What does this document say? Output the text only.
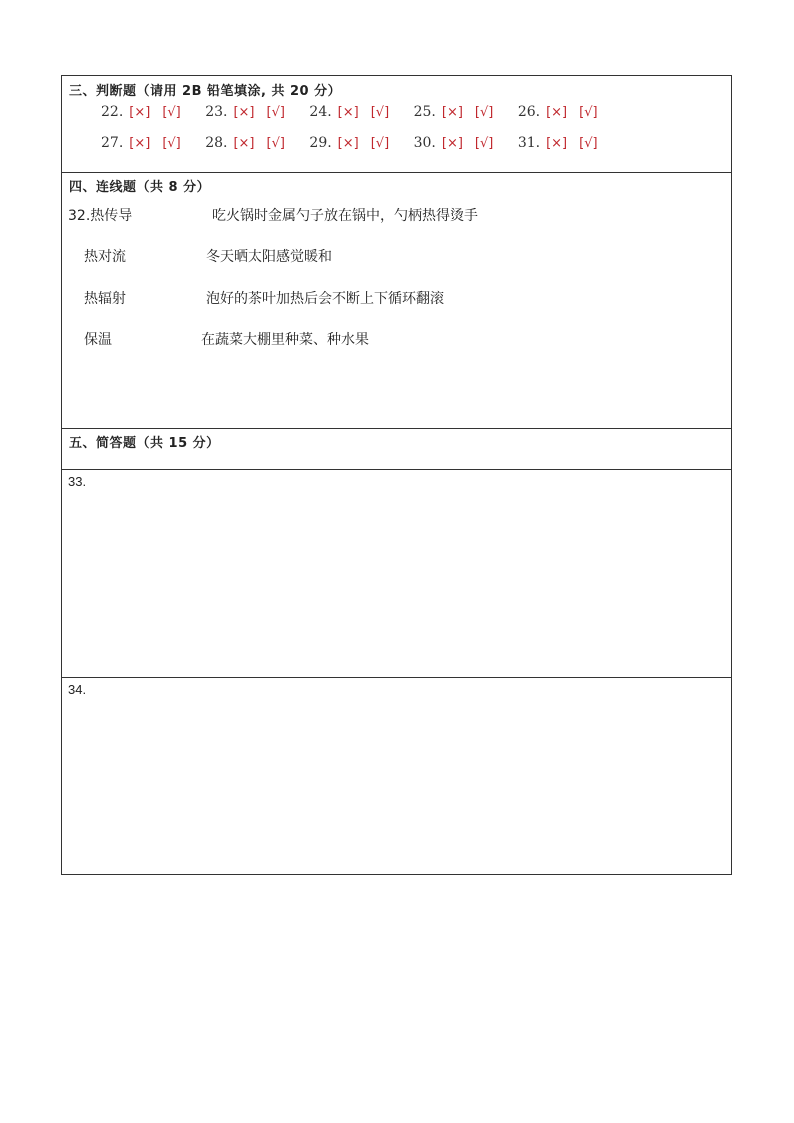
三、判断题（请用 2B 铅笔填涂, 共 20 分）
22. [×] [√] 23. [×] [√] 24. [×] [√] 25. [×] [√] 26. [×] [√]
27. [×] [√] 28. [×] [√] 29. [×] [√] 30. [×] [√] 31. [×] [√]
四、连线题（共 8 分）
32.热传导	吃火锅时金属勺子放在锅中，勺柄热得烫手
热对流	冬天晒太阳感觉暖和
热辐射	泡好的茶叶加热后会不断上下循环翻滚
保温	在蔬菜大棚里种菜、种水果
五、简答题（共 15 分）
33.
34.
